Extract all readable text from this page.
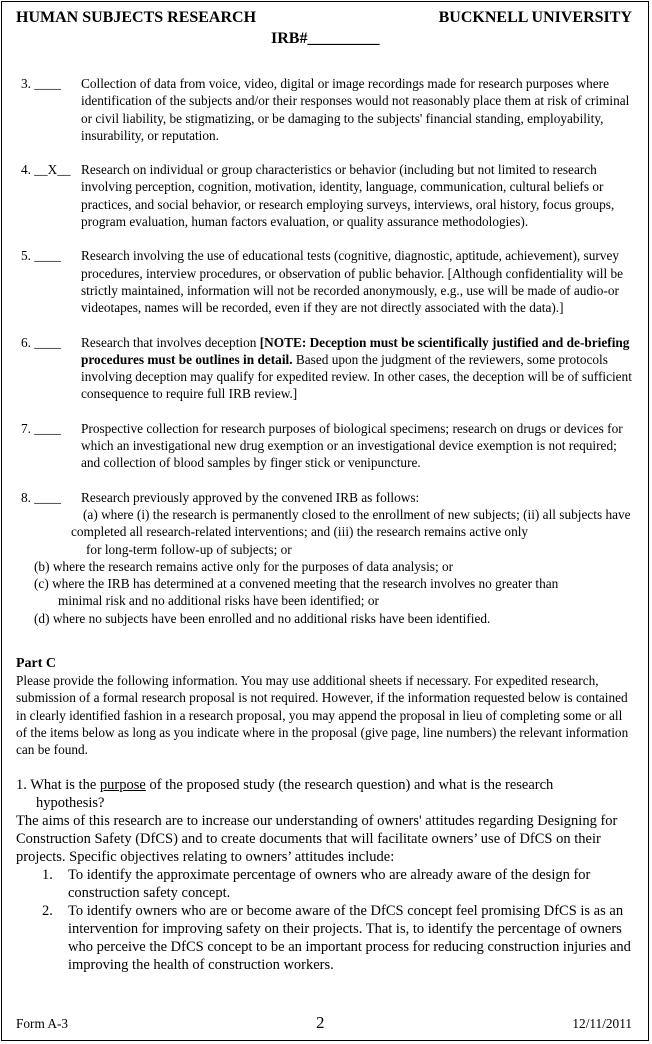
HUMAN SUBJECTS RESEARCH	BUCKNELL UNIVERSITY
IRB#_________
3. ____ Collection of data from voice, video, digital or image recordings made for research purposes where identification of the subjects and/or their responses would not reasonably place them at risk of criminal or civil liability, be stigmatizing, or be damaging to the subjects' financial standing, employability, insurability, or reputation.
4. __X__ Research on individual or group characteristics or behavior (including but not limited to research involving perception, cognition, motivation, identity, language, communication, cultural beliefs or practices, and social behavior, or research employing surveys, interviews, oral history, focus groups, program evaluation, human factors evaluation, or quality assurance methodologies).
5. ____ Research involving the use of educational tests (cognitive, diagnostic, aptitude, achievement), survey procedures, interview procedures, or observation of public behavior. [Although confidentiality will be strictly maintained, information will not be recorded anonymously, e.g., use will be made of audio-or videotapes, names will be recorded, even if they are not directly associated with the data).]
6. ____ Research that involves deception [NOTE: Deception must be scientifically justified and de-briefing procedures must be outlines in detail. Based upon the judgment of the reviewers, some protocols involving deception may qualify for expedited review. In other cases, the deception will be of sufficient consequence to require full IRB review.]
7. ____ Prospective collection for research purposes of biological specimens; research on drugs or devices for which an investigational new drug exemption or an investigational device exemption is not required; and collection of blood samples by finger stick or venipuncture.
8. ____ Research previously approved by the convened IRB as follows:

(a) where (i) the research is permanently closed to the enrollment of new subjects; (ii) all subjects have completed all research-related interventions; and (iii) the research remains active only

for long-term follow-up of subjects; or

(b) where the research remains active only for the purposes of data analysis; or

(c) where the IRB has determined at a convened meeting that the research involves no greater than

minimal risk and no additional risks have been identified; or

(d) where no subjects have been enrolled and no additional risks have been identified.

Part C
Please provide the following information. You may use additional sheets if necessary. For expedited research, submission of a formal research proposal is not required. However, if the information requested below is contained in clearly identified fashion in a research proposal, you may append the proposal in lieu of completing some or all of the items below as long as you indicate where in the proposal (give page, line numbers) the relevant information can be found.
1. What is the purpose of the proposed study (the research question) and what is the research
hypothesis?
The aims of this research are to increase our understanding of owners' attitudes regarding Designing for Construction Safety (DfCS) and to create documents that will facilitate owners’ use of DfCS on their projects. Specific objectives relating to owners’ attitudes include:
1. To identify the approximate percentage of owners who are already aware of the design for construction safety concept.
2. To identify owners who are or become aware of the DfCS concept feel promising DfCS is as an intervention for improving safety on their projects. That is, to identify the percentage of owners who perceive the DfCS concept to be an important process for reducing construction injuries and improving the health of construction workers.
Form A-3	2	12/11/2011
